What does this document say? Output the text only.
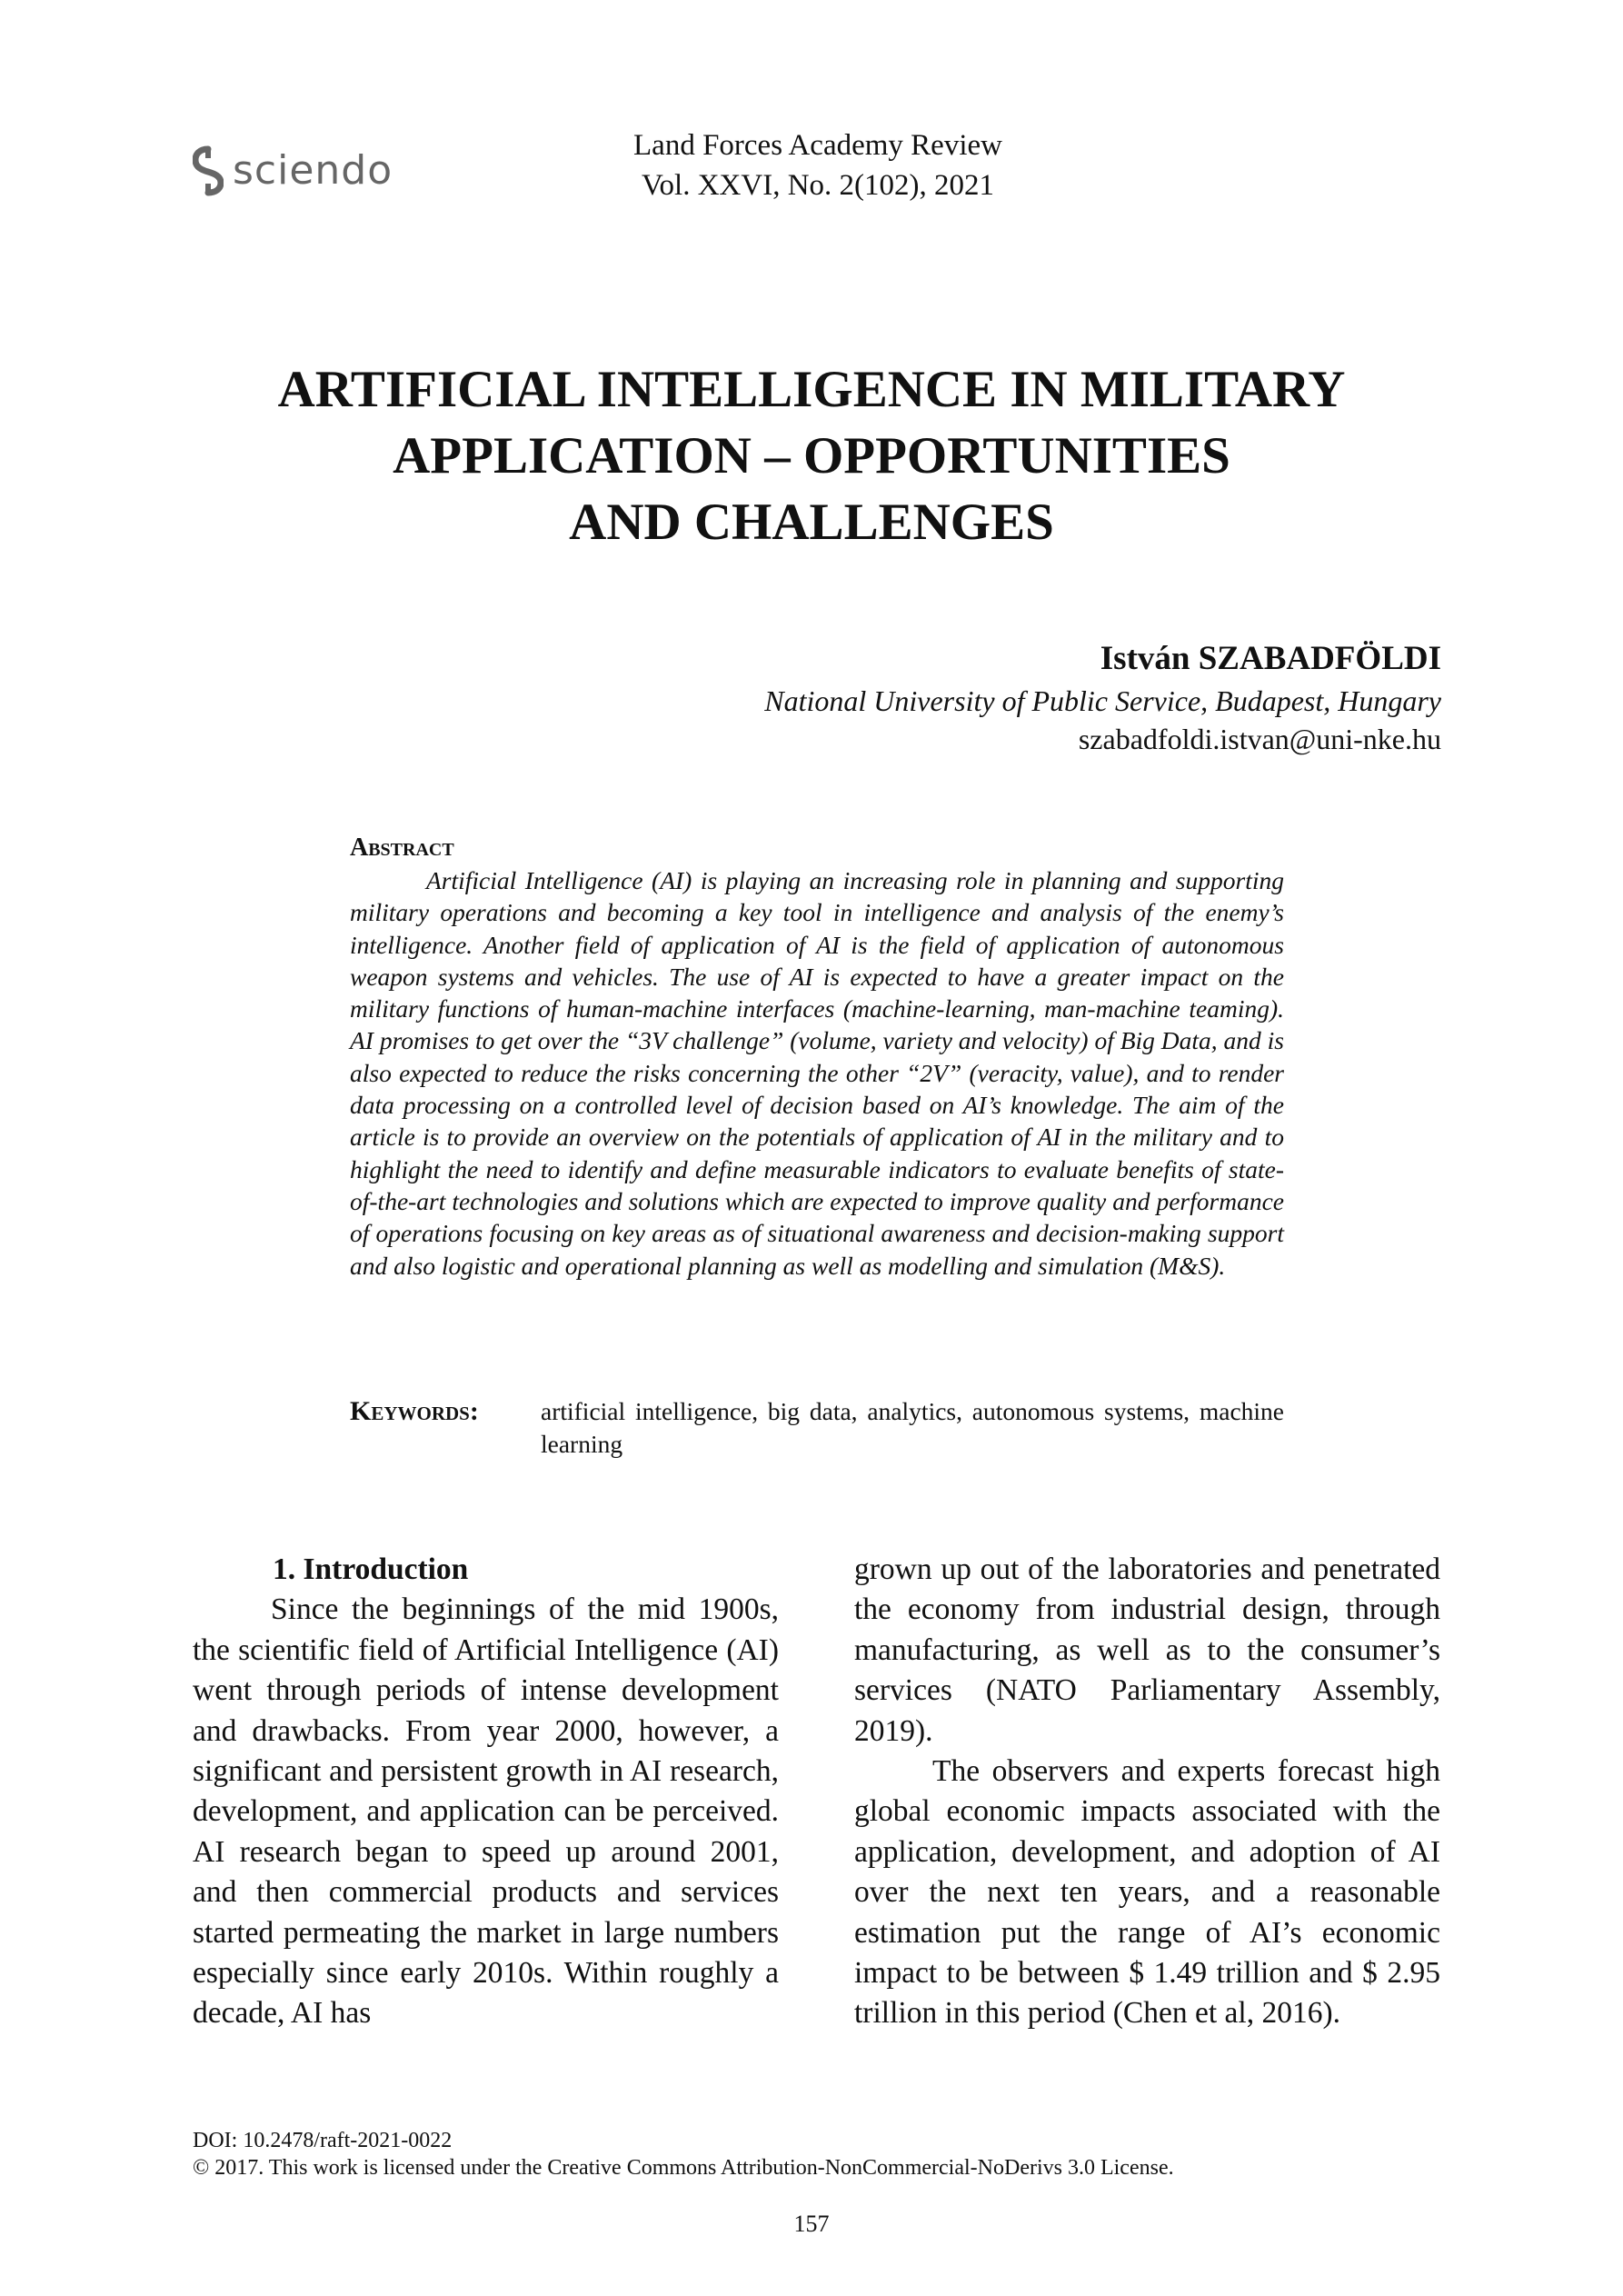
sciendo
Land Forces Academy Review
Vol. XXVI, No. 2(102), 2021
ARTIFICIAL INTELLIGENCE IN MILITARY
APPLICATION – OPPORTUNITIES
AND CHALLENGES
István SZABADFÖLDI
National University of Public Service, Budapest, Hungary
szabadfoldi.istvan@uni-nke.hu
Abstract

Artificial Intelligence (AI) is playing an increasing role in planning and supporting military operations and becoming a key tool in intelligence and analysis of the enemy’s intelligence. Another field of application of AI is the field of application of autonomous weapon systems and vehicles. The use of AI is expected to have a greater impact on the military functions of human-machine interfaces (machine-learning, man-machine teaming). AI promises to get over the “3V challenge” (volume, variety and velocity) of Big Data, and is also expected to reduce the risks concerning the other “2V” (veracity, value), and to render data processing on a controlled level of decision based on AI’s knowledge. The aim of the article is to provide an overview on the potentials of application of AI in the military and to highlight the need to identify and define measurable indicators to evaluate benefits of state-of-the-art technologies and solutions which are expected to improve quality and performance of operations focusing on key areas as of situational awareness and decision-making support and also logistic and operational planning as well as modelling and simulation (M&S).

Keywords:	artificial intelligence, big data, analytics, autonomous systems, machine learning

1. Introduction

Since the beginnings of the mid 1900s, the scientific field of Artificial Intelligence (AI) went through periods of intense development and drawbacks. From year 2000, however, a significant and persistent growth in AI research, development, and application can be perceived. AI research began to speed up around 2001, and then commercial products and services started permeating the market in large numbers especially since early 2010s. Within roughly a decade, AI has

grown up out of the laboratories and penetrated the economy from industrial design, through manufacturing, as well as to the consumer’s services (NATO Parliamentary Assembly, 2019).

The observers and experts forecast high global economic impacts associated with the application, development, and adoption of AI over the next ten years, and a reasonable estimation put the range of AI’s economic impact to be between $ 1.49 trillion and $ 2.95 trillion in this period (Chen et al, 2016).

DOI: 10.2478/raft-2021-0022
© 2017. This work is licensed under the Creative Commons Attribution-NonCommercial-NoDerivs 3.0 License.
157
